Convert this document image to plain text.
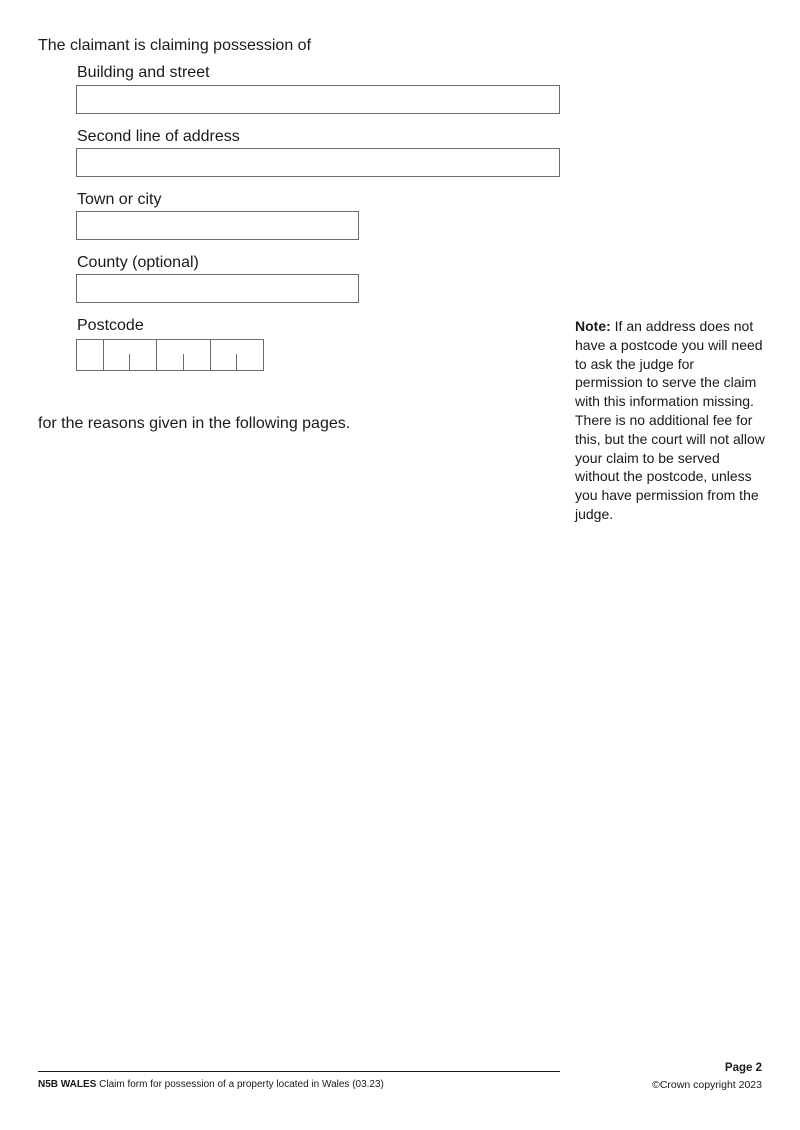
The claimant is claiming possession of
Building and street
Second line of address
Town or city
County (optional)
Postcode
for the reasons given in the following pages.
Note: If an address does not have a postcode you will need to ask the judge for permission to serve the claim with this information missing. There is no additional fee for this, but the court will not allow your claim to be served without the postcode, unless you have permission from the judge.
N5B WALES Claim form for possession of a property located in Wales (03.23)
Page 2
©Crown copyright 2023
